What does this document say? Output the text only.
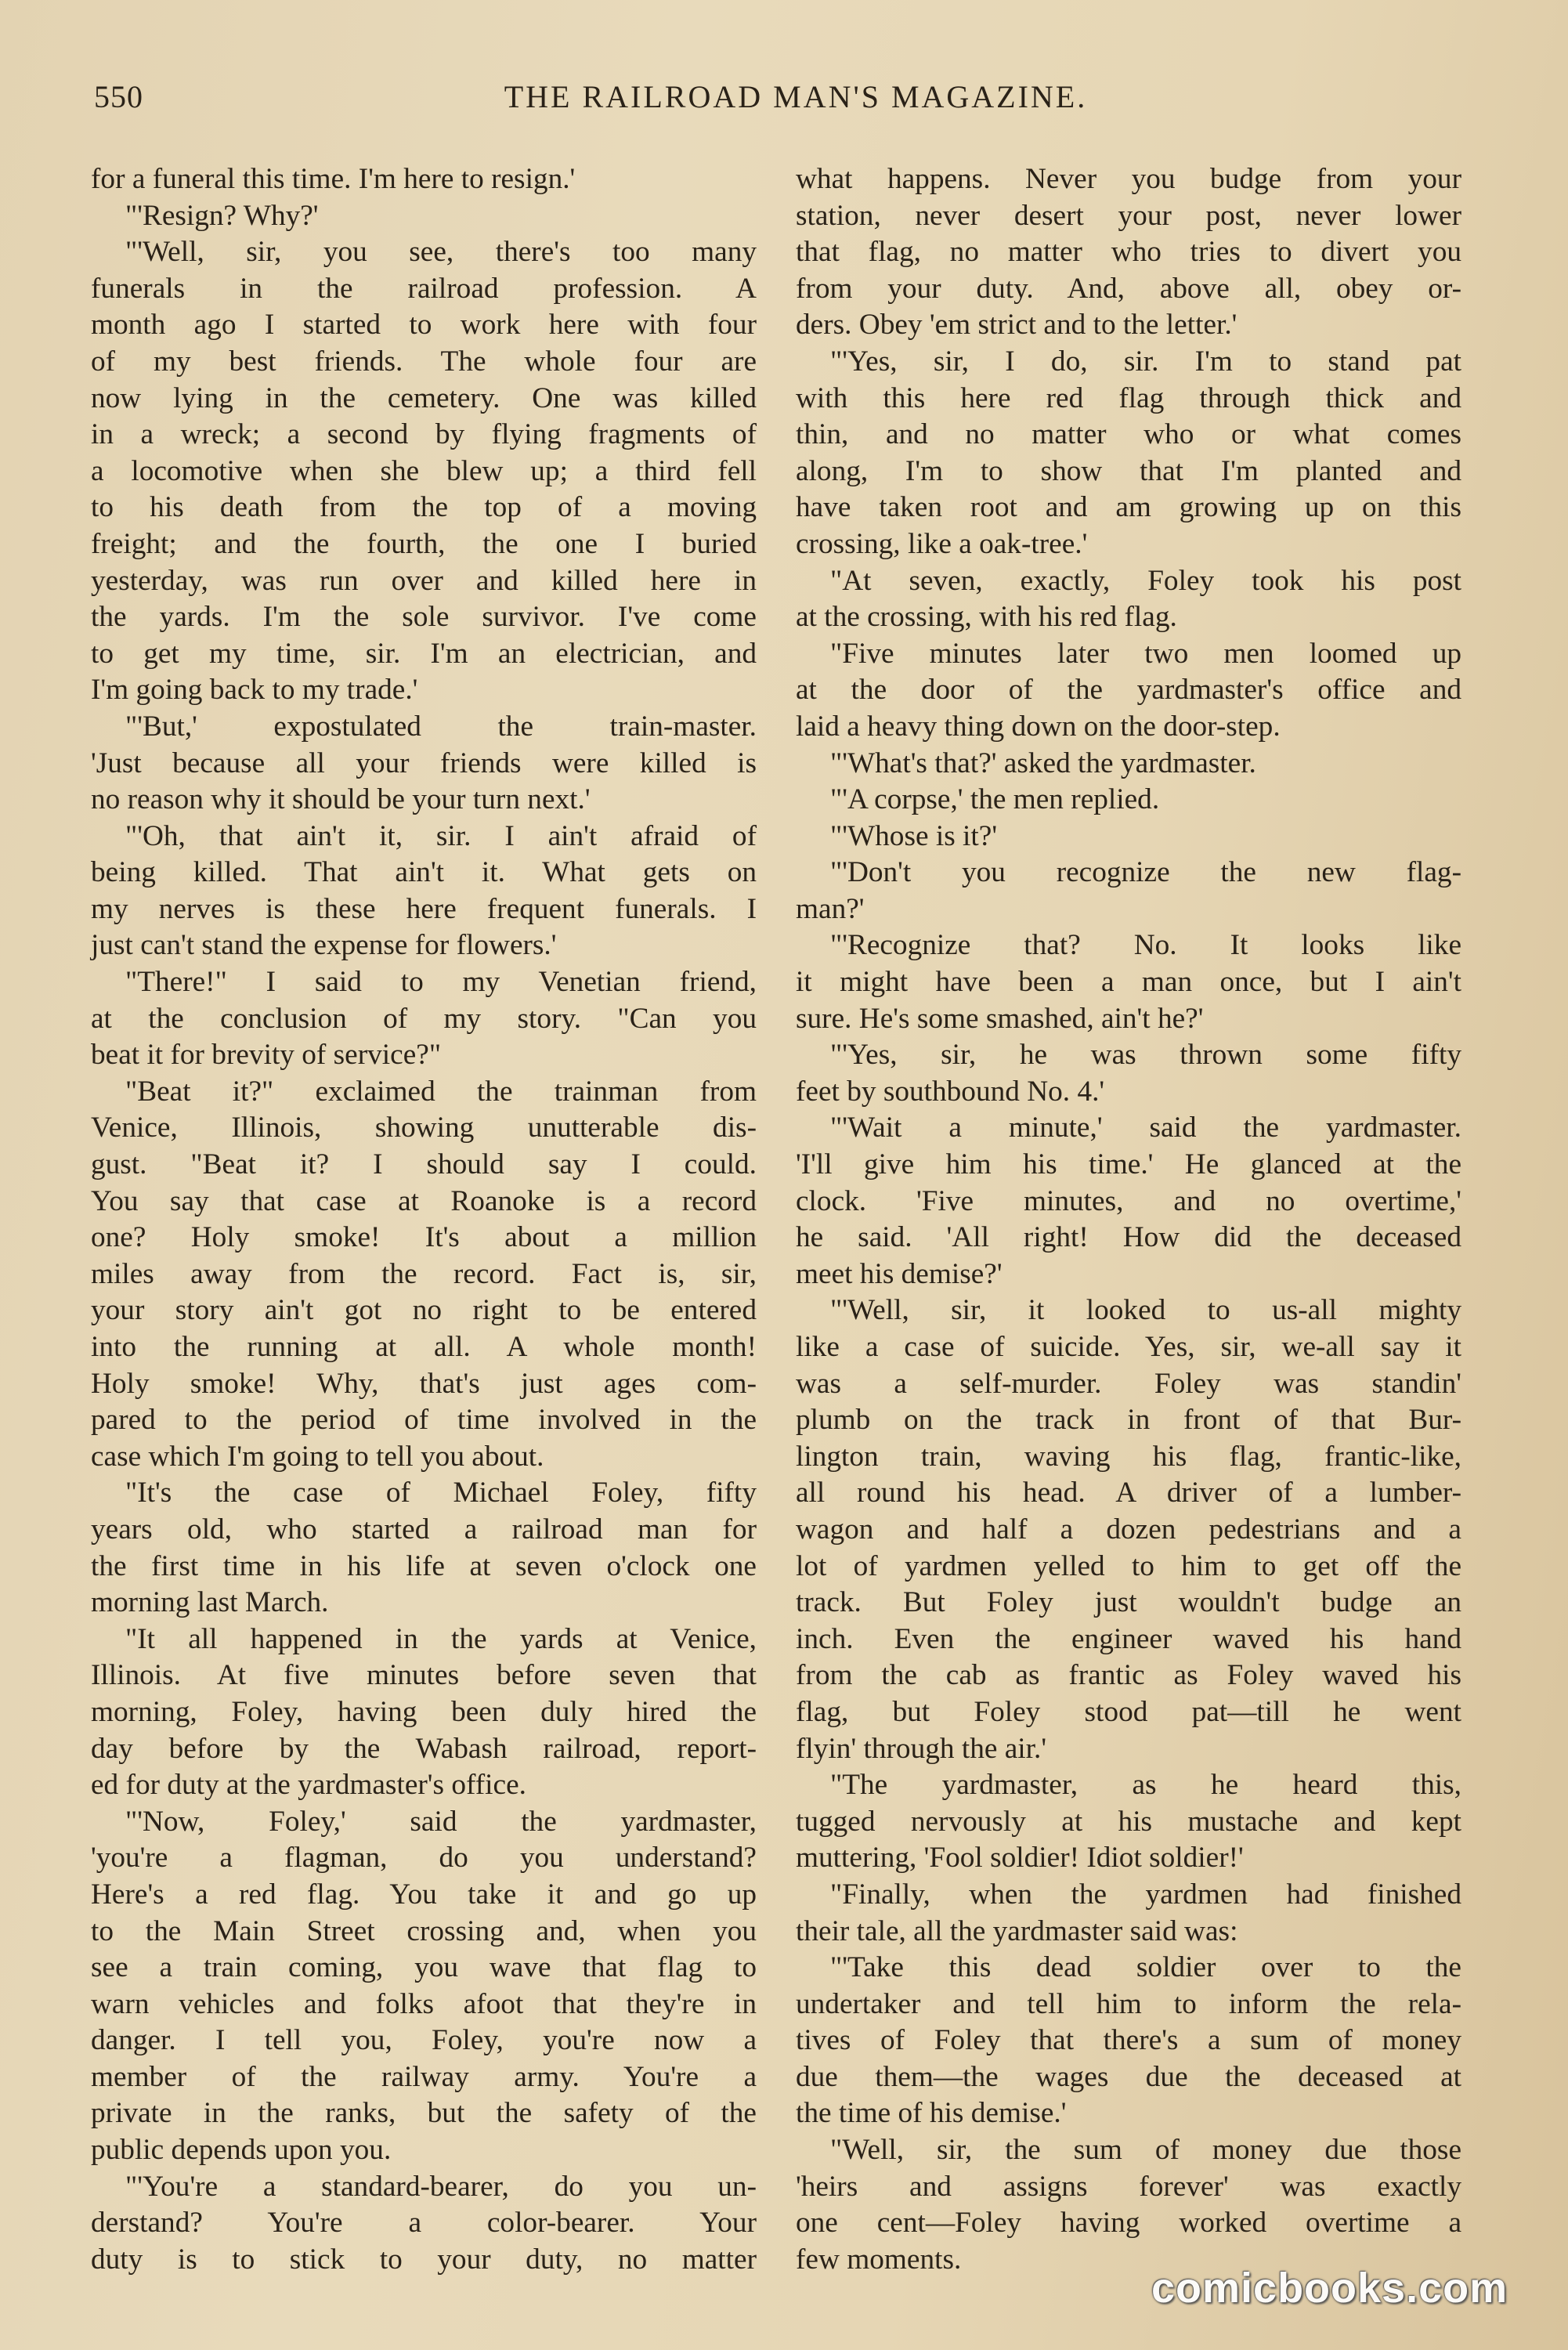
550	THE RAILROAD MAN'S MAGAZINE.
for a funeral this time. I'm here to resign.'
"'Resign? Why?'
"'Well, sir, you see, there's too many
funerals in the railroad profession. A
month ago I started to work here with four
of my best friends. The whole four are
now lying in the cemetery. One was killed
in a wreck; a second by flying fragments of
a locomotive when she blew up; a third fell
to his death from the top of a moving
freight; and the fourth, the one I buried
yesterday, was run over and killed here in
the yards. I'm the sole survivor. I've come
to get my time, sir. I'm an electrician, and
I'm going back to my trade.'
"'But,' expostulated the train-master.
'Just because all your friends were killed is
no reason why it should be your turn next.'
"'Oh, that ain't it, sir. I ain't afraid of
being killed. That ain't it. What gets on
my nerves is these here frequent funerals. I
just can't stand the expense for flowers.'
"There!" I said to my Venetian friend,
at the conclusion of my story. "Can you
beat it for brevity of service?"
"Beat it?" exclaimed the trainman from
Venice, Illinois, showing unutterable dis-
gust. "Beat it? I should say I could.
You say that case at Roanoke is a record
one? Holy smoke! It's about a million
miles away from the record. Fact is, sir,
your story ain't got no right to be entered
into the running at all. A whole month!
Holy smoke! Why, that's just ages com-
pared to the period of time involved in the
case which I'm going to tell you about.
"It's the case of Michael Foley, fifty
years old, who started a railroad man for
the first time in his life at seven o'clock one
morning last March.
"It all happened in the yards at Venice,
Illinois. At five minutes before seven that
morning, Foley, having been duly hired the
day before by the Wabash railroad, report-
ed for duty at the yardmaster's office.
"'Now, Foley,' said the yardmaster,
'you're a flagman, do you understand?
Here's a red flag. You take it and go up
to the Main Street crossing and, when you
see a train coming, you wave that flag to
warn vehicles and folks afoot that they're in
danger. I tell you, Foley, you're now a
member of the railway army. You're a
private in the ranks, but the safety of the
public depends upon you.
"'You're a standard-bearer, do you un-
derstand? You're a color-bearer. Your
duty is to stick to your duty, no matter
what happens. Never you budge from your
station, never desert your post, never lower
that flag, no matter who tries to divert you
from your duty. And, above all, obey or-
ders. Obey 'em strict and to the letter.'
"'Yes, sir, I do, sir. I'm to stand pat
with this here red flag through thick and
thin, and no matter who or what comes
along, I'm to show that I'm planted and
have taken root and am growing up on this
crossing, like a oak-tree.'
"At seven, exactly, Foley took his post
at the crossing, with his red flag.
"Five minutes later two men loomed up
at the door of the yardmaster's office and
laid a heavy thing down on the door-step.
"'What's that?' asked the yardmaster.
"'A corpse,' the men replied.
"'Whose is it?'
"'Don't you recognize the new flag-
man?'
"'Recognize that? No. It looks like
it might have been a man once, but I ain't
sure. He's some smashed, ain't he?'
"'Yes, sir, he was thrown some fifty
feet by southbound No. 4.'
"'Wait a minute,' said the yardmaster.
'I'll give him his time.' He glanced at the
clock. 'Five minutes, and no overtime,'
he said. 'All right! How did the deceased
meet his demise?'
"'Well, sir, it looked to us-all mighty
like a case of suicide. Yes, sir, we-all say it
was a self-murder. Foley was standin'
plumb on the track in front of that Bur-
lington train, waving his flag, frantic-like,
all round his head. A driver of a lumber-
wagon and half a dozen pedestrians and a
lot of yardmen yelled to him to get off the
track. But Foley just wouldn't budge an
inch. Even the engineer waved his hand
from the cab as frantic as Foley waved his
flag, but Foley stood pat—till he went
flyin' through the air.'
"The yardmaster, as he heard this,
tugged nervously at his mustache and kept
muttering, 'Fool soldier! Idiot soldier!'
"Finally, when the yardmen had finished
their tale, all the yardmaster said was:
"'Take this dead soldier over to the
undertaker and tell him to inform the rela-
tives of Foley that there's a sum of money
due them—the wages due the deceased at
the time of his demise.'
"Well, sir, the sum of money due those
'heirs and assigns forever' was exactly
one cent—Foley having worked overtime a
few moments.
comicbooks.com
